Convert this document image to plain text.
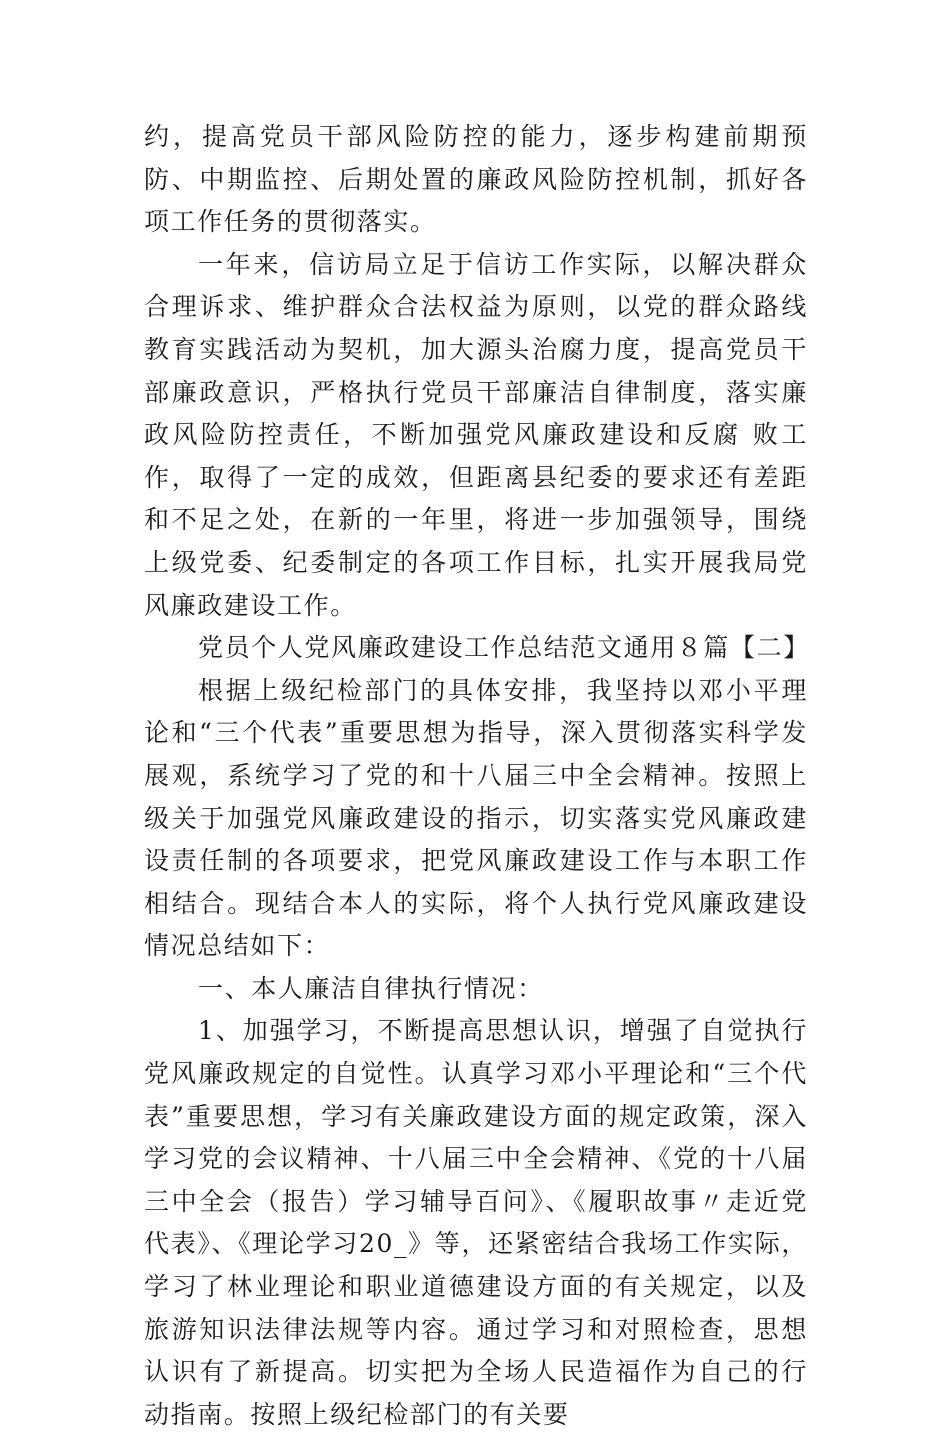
约，提高党员干部风险防控的能力，逐步构建前期预防、中期监控、后期处置的廉政风险防控机制，抓好各项工作任务的贯彻落实。

一年来，信访局立足于信访工作实际，以解决群众合理诉求、维护群众合法权益为原则，以党的群众路线教育实践活动为契机，加大源头治腐力度，提高党员干部廉政意识，严格执行党员干部廉洁自律制度，落实廉政风险防控责任，不断加强党风廉政建设和反腐 败工作，取得了一定的成效，但距离县纪委的要求还有差距和不足之处，在新的一年里，将进一步加强领导，围绕上级党委、纪委制定的各项工作目标，扎实开展我局党风廉政建设工作。

党员个人党风廉政建设工作总结范文通用８篇【二】

根据上级纪检部门的具体安排，我坚持以邓小平理论和“三个代表”重要思想为指导，深入贯彻落实科学发展观，系统学习了党的和十八届三中全会精神。按照上级关于加强党风廉政建设的指示，切实落实党风廉政建设责任制的各项要求，把党风廉政建设工作与本职工作相结合。现结合本人的实际，将个人执行党风廉政建设情况总结如下：

一、本人廉洁自律执行情况：

1、加强学习，不断提高思想认识，增强了自觉执行党风廉政规定的自觉性。认真学习邓小平理论和“三个代表”重要思想，学习有关廉政建设方面的规定政策，深入学习党的会议精神、十八届三中全会精神、《党的十八届三中全会（报告）学习辅导百问》、《履职故事〃走近党代表》、《理论学习20_》等，还紧密结合我场工作实际，学习了林业理论和职业道德建设方面的有关规定，以及旅游知识法律法规等内容。通过学习和对照检查，思想认识有了新提高。切实把为全场人民造福作为自己的行动指南。按照上级纪检部门的有关要
